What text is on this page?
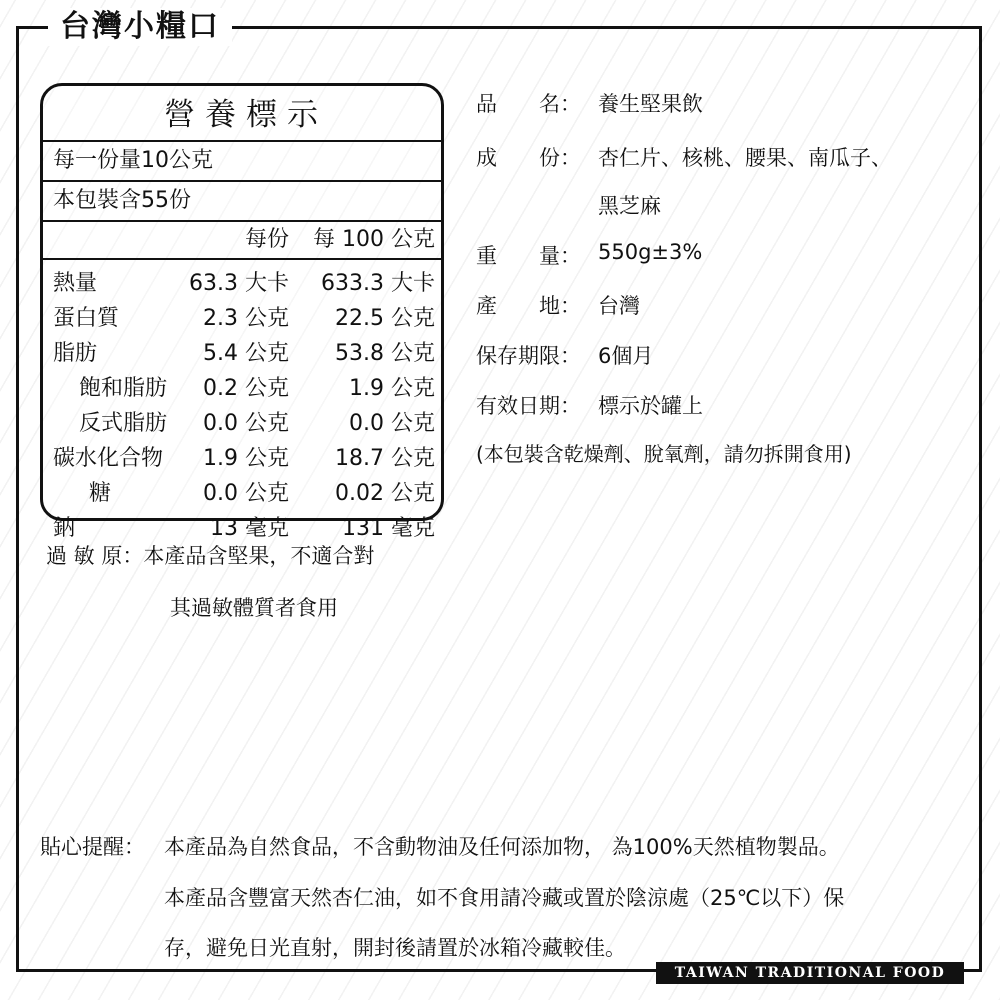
台灣小糧口
營養標示
每一份量10公克
本包裝含55份
每份 每 100 公克
熱量	63.3 大卡 633.3 大卡
蛋白質	2.3 公克 22.5 公克
脂肪	5.4 公克 53.8 公克
飽和脂肪 0.2 公克	1.9 公克
反式脂肪 0.0 公克	0.0 公克
碳水化合物 1.9 公克 18.7 公克
糖	0.0 公克 0.02 公克
鈉	13 毫克 131 毫克
過 敏 原：本產品含堅果，不適合對
其過敏體質者食用
品　　名： 養生堅果飲
成　　份： 杏仁片、核桃、腰果、南瓜子、
黑芝麻
重　　量： 550g±3%
產　　地： 台灣
保存期限： 6個月
有效日期： 標示於罐上
(本包裝含乾燥劑、脫氧劑，請勿拆開食用)
貼心提醒： 本產品為自然食品，不含動物油及任何添加物， 為100%天然植物製品。
本產品含豐富天然杏仁油，如不食用請冷藏或置於陰涼處（25℃以下）保
存，避免日光直射，開封後請置於冰箱冷藏較佳。
TAIWAN TRADITIONAL FOOD
